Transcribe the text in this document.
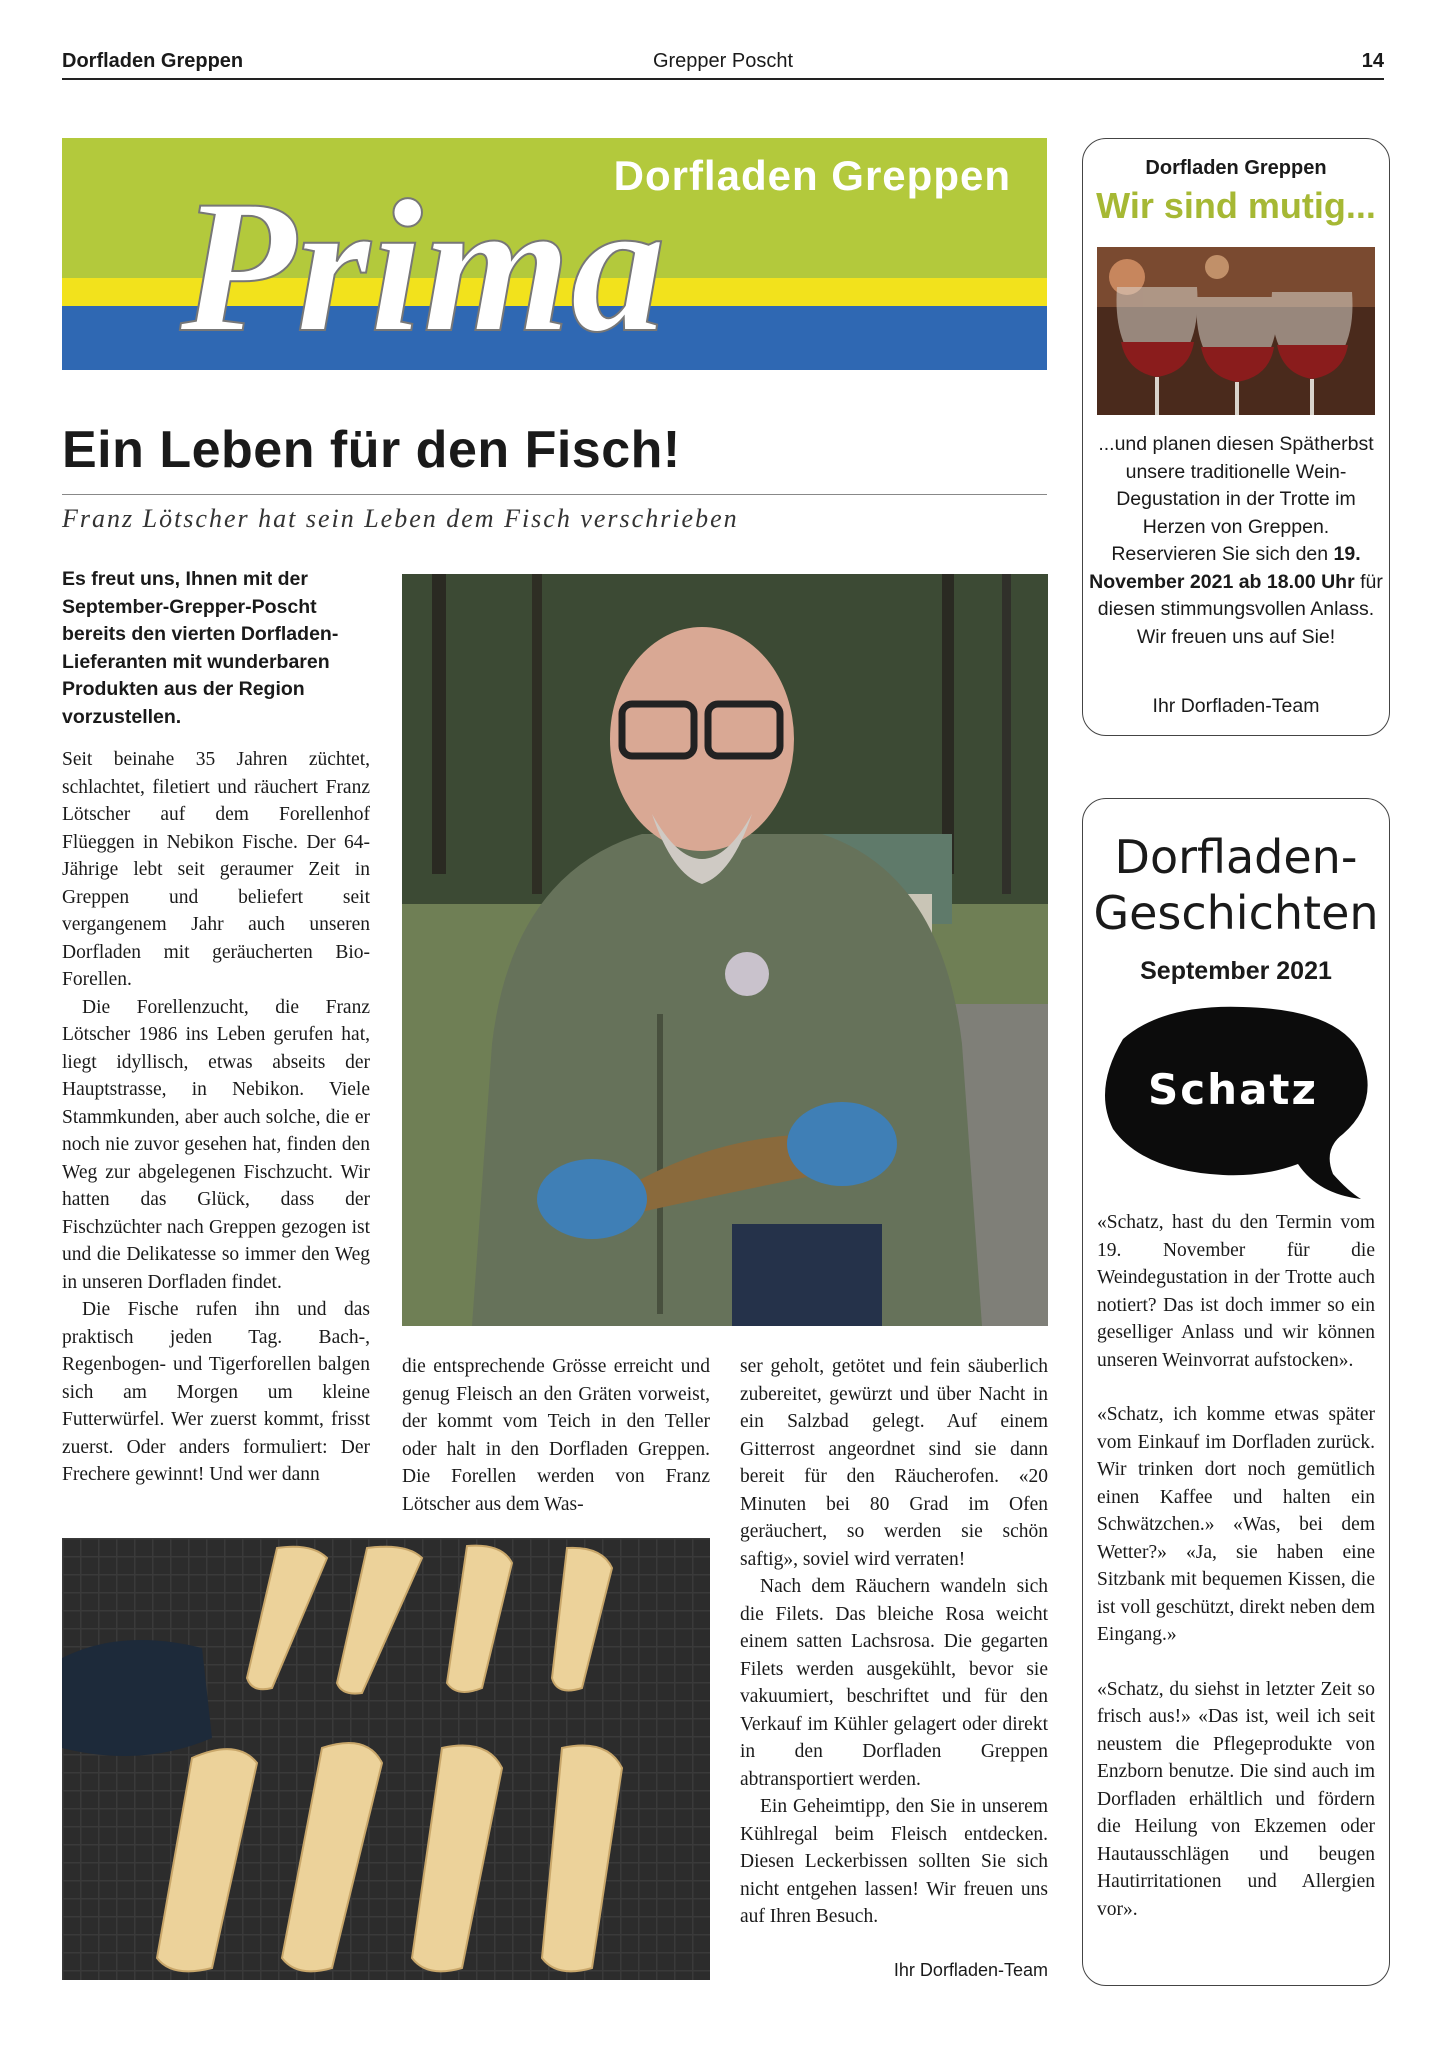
Dorfladen Greppen	Grepper Poscht	14
Prima
Dorfladen Greppen
Ein Leben für den Fisch!
Franz Lötscher hat sein Leben dem Fisch verschrieben
Es freut uns, Ihnen mit der September-Grepper-Poscht bereits den vierten Dorfladen-Lieferanten mit wunderbaren Produkten aus der Region vorzustellen.

Seit beinahe 35 Jahren züchtet, schlachtet, filetiert und räuchert Franz Lötscher auf dem Forellenhof Flüeggen in Nebikon Fische. Der 64-Jährige lebt seit geraumer Zeit in Greppen und beliefert seit vergangenem Jahr auch unseren Dorfladen mit geräucherten Bio-Forellen.

Die Forellenzucht, die Franz Lötscher 1986 ins Leben gerufen hat, liegt idyllisch, etwas abseits der Hauptstrasse, in Nebikon. Viele Stammkunden, aber auch solche, die er noch nie zuvor gesehen hat, finden den Weg zur abgelegenen Fischzucht. Wir hatten das Glück, dass der Fischzüchter nach Greppen gezogen ist und die Delikatesse so immer den Weg in unseren Dorfladen findet.

Die Fische rufen ihn und das praktisch jeden Tag. Bach-, Regenbogen- und Tigerforellen balgen sich am Morgen um kleine Futterwürfel. Wer zuerst kommt, frisst zuerst. Oder anders formuliert: Der Frechere gewinnt! Und wer dann

die entsprechende Grösse erreicht und genug Fleisch an den Gräten vorweist, der kommt vom Teich in den Teller oder halt in den Dorfladen Greppen. Die Forellen werden von Franz Lötscher aus dem Was-

ser geholt, getötet und fein säuberlich zubereitet, gewürzt und über Nacht in ein Salzbad gelegt. Auf einem Gitterrost angeordnet sind sie dann bereit für den Räucherofen. «20 Minuten bei 80 Grad im Ofen geräuchert, so werden sie schön saftig», soviel wird verraten!

Nach dem Räuchern wandeln sich die Filets. Das bleiche Rosa weicht einem satten Lachsrosa. Die gegarten Filets werden ausgekühlt, bevor sie vakuumiert, beschriftet und für den Verkauf im Kühler gelagert oder direkt in den Dorfladen Greppen abtransportiert werden.

Ein Geheimtipp, den Sie in unserem Kühlregal beim Fleisch entdecken. Diesen Leckerbissen sollten Sie sich nicht entgehen lassen! Wir freuen uns auf Ihren Besuch.

Ihr Dorfladen-Team
Dorfladen Greppen
Wir sind mutig...
...und planen diesen Spätherbst unsere traditionelle Wein-Degustation in der Trotte im Herzen von Greppen. Reservieren Sie sich den 19. November 2021 ab 18.00 Uhr für diesen stimmungsvollen Anlass. Wir freuen uns auf Sie!
Ihr Dorfladen-Team
Dorfladen-
Geschichten
September 2021
Schatz

«Schatz, hast du den Termin vom 19. November für die Weindegustation in der Trotte auch notiert? Das ist doch immer so ein geselliger Anlass und wir können unseren Weinvorrat aufstocken».

«Schatz, ich komme etwas später vom Einkauf im Dorfladen zurück. Wir trinken dort noch gemütlich einen Kaffee und halten ein Schwätzchen.» «Was, bei dem Wetter?» «Ja, sie haben eine Sitzbank mit bequemen Kissen, die ist voll geschützt, direkt neben dem Eingang.»

«Schatz, du siehst in letzter Zeit so frisch aus!» «Das ist, weil ich seit neustem die Pflegeprodukte von Enzborn benutze. Die sind auch im Dorfladen erhältlich und fördern die Heilung von Ekzemen oder Hautausschlägen und beugen Hautirritationen und Allergien vor».
